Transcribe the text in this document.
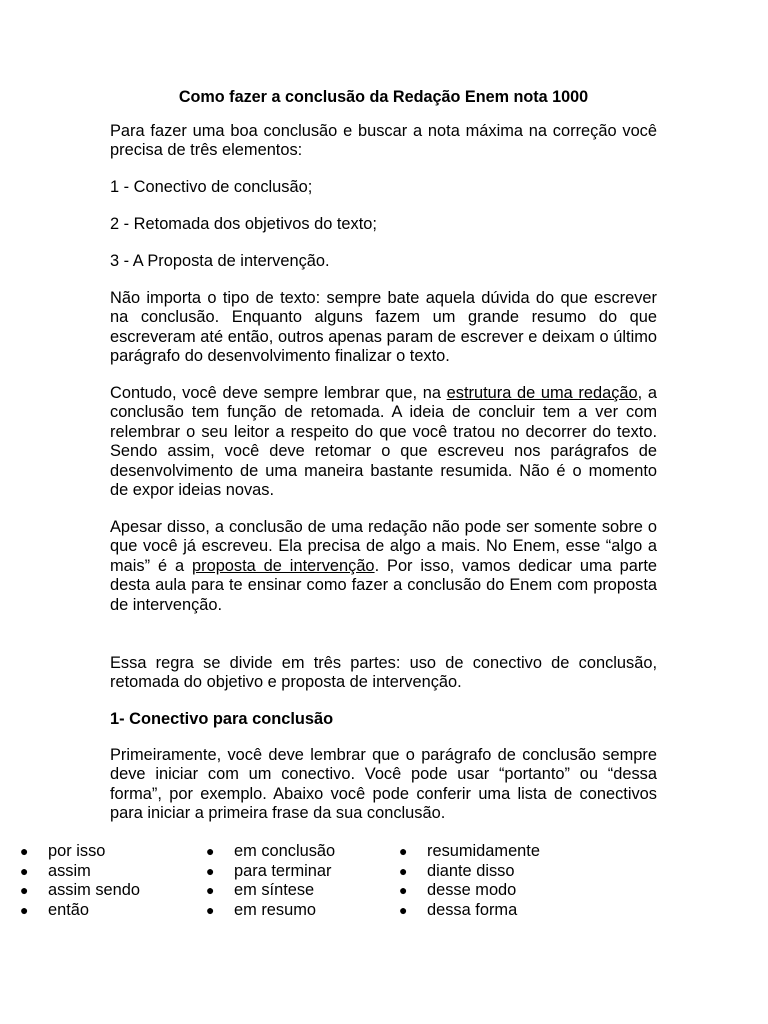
Como fazer a conclusão da Redação Enem nota 1000

Para fazer uma boa conclusão e buscar a nota máxima na correção você precisa de três elementos:

1 - Conectivo de conclusão;

2 - Retomada dos objetivos do texto;

3 - A Proposta de intervenção.

Não importa o tipo de texto: sempre bate aquela dúvida do que escrever na conclusão. Enquanto alguns fazem um grande resumo do que escreveram até então, outros apenas param de escrever e deixam o último parágrafo do desenvolvimento finalizar o texto.

Contudo, você deve sempre lembrar que, na estrutura de uma redação, a conclusão tem função de retomada. A ideia de concluir tem a ver com relembrar o seu leitor a respeito do que você tratou no decorrer do texto. Sendo assim, você deve retomar o que escreveu nos parágrafos de desenvolvimento de uma maneira bastante resumida. Não é o momento de expor ideias novas.

Apesar disso, a conclusão de uma redação não pode ser somente sobre o que você já escreveu. Ela precisa de algo a mais. No Enem, esse “algo a mais” é a proposta de intervenção. Por isso, vamos dedicar uma parte desta aula para te ensinar como fazer a conclusão do Enem com proposta de intervenção.

Essa regra se divide em três partes: uso de conectivo de conclusão, retomada do objetivo e proposta de intervenção.

1- Conectivo para conclusão

Primeiramente, você deve lembrar que o parágrafo de conclusão sempre deve iniciar com um conectivo. Você pode usar “portanto” ou “dessa forma”, por exemplo. Abaixo você pode conferir uma lista de conectivos para iniciar a primeira frase da sua conclusão.

● por isso
● assim
● assim sendo
● então
● em conclusão
● para terminar
● em síntese
● em resumo
● resumidamente
● diante disso
● desse modo
● dessa forma
